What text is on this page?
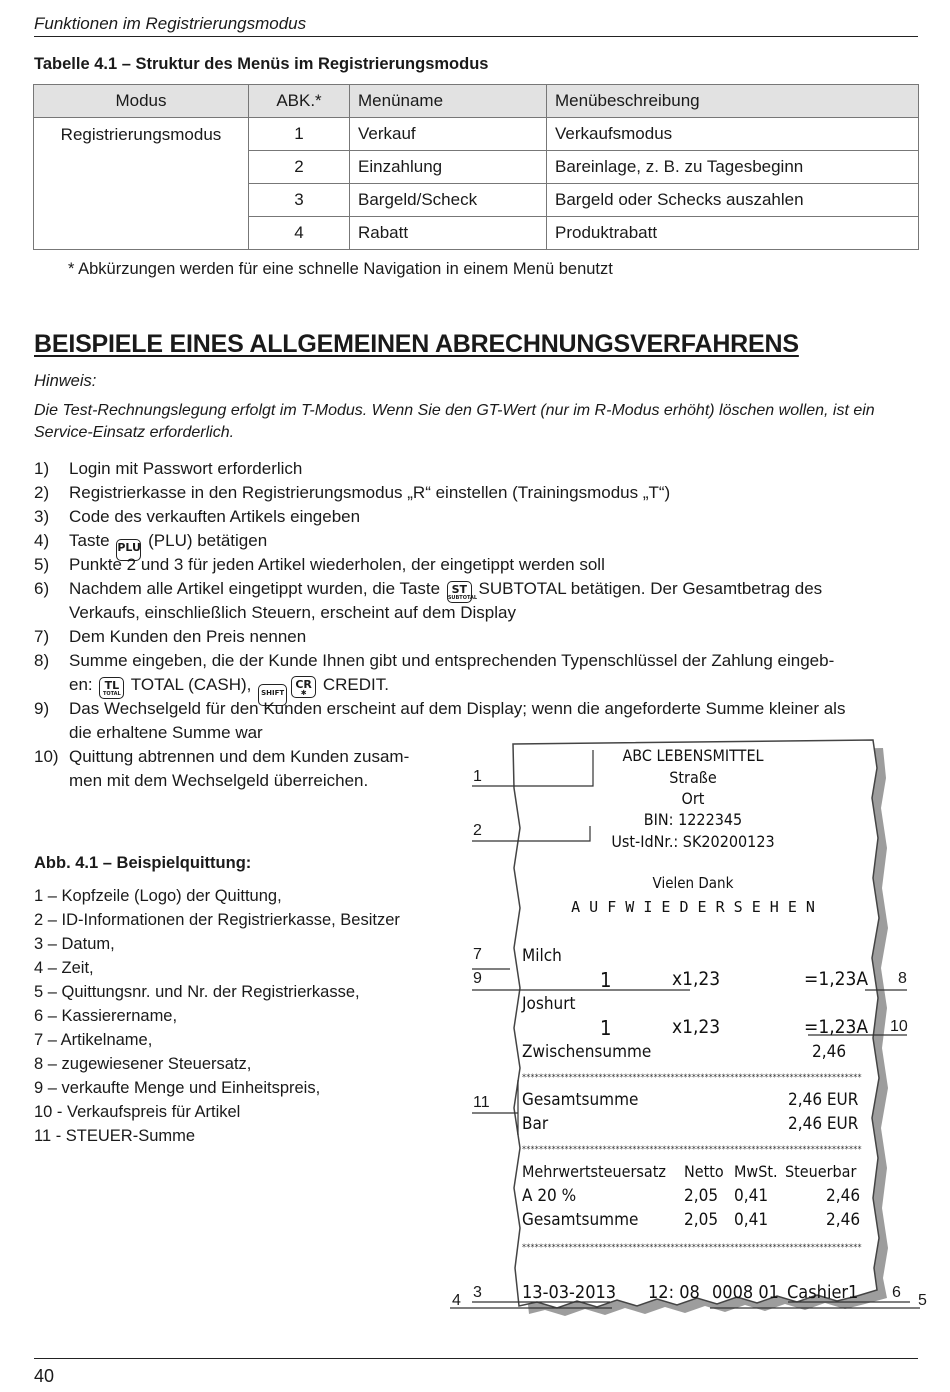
Funktionen im Registrierungsmodus
Tabelle 4.1 – Struktur des Menüs im Registrierungsmodus
Modus	ABK.*	Menüname	Menübeschreibung
Registrierungsmodus	1	Verkauf	Verkaufsmodus
	2	Einzahlung	Bareinlage, z. B. zu Tagesbeginn
	3	Bargeld/Scheck	Bargeld oder Schecks auszahlen
	4	Rabatt	Produktrabatt
* Abkürzungen werden für eine schnelle Navigation in einem Menü benutzt
BEISPIELE EINES ALLGEMEINEN ABRECHNUNGSVERFAHRENS
Hinweis:
Die Test-Rechnungslegung erfolgt im T-Modus. Wenn Sie den GT-Wert (nur im R-Modus erhöht) löschen wollen, ist ein Service-Einsatz erforderlich.
1) Login mit Passwort erforderlich
2) Registrierkasse in den Registrierungsmodus „R“ einstellen (Trainingsmodus „T“)
3) Code des verkauften Artikels eingeben
4) Taste PLU (PLU) betätigen
5) Punkte 2 und 3 für jeden Artikel wiederholen, der eingetippt werden soll
6) Nachdem alle Artikel eingetippt wurden, die Taste	ST
SUBTOTAL SUBTOTAL betätigen. Der Gesamtbetrag des
Verkaufs, einschließlich Steuern, erscheint auf dem Display
7) Dem Kunden den Preis nennen
8) Summe eingeben, die der Kunde Ihnen gibt und entsprechenden Typenschlüssel der Zahlung eingeb-
en:	TL
TOTAL TOTAL (CASH), SHIFT
CR
✱ CREDIT.
9) Das Wechselgeld für den Kunden erscheint auf dem Display; wenn die angeforderte Summe kleiner als
die erhaltene Summe war
10) Quittung abtrennen und dem Kunden zusam-
men mit dem Wechselgeld überreichen.
Abb. 4.1 – Beispielquittung:
1 – Kopfzeile (Logo) der Quittung,
2 – ID-Informationen der Registrierkasse, Besitzer
3 – Datum,
4 – Zeit,
5 – Quittungsnr. und Nr. der Registrierkasse,
6 – Kassierername,
7 – Artikelname,
8 – zugewiesener Steuersatz,
9 – verkaufte Menge und Einheitspreis,
10 - Verkaufspreis für Artikel
11 - STEUER-Summe
ABC LEBENSMITTEL
Straße
Ort
BIN: 1222345
Ust-IdNr.: SK20200123
Vielen Dank
A U F W I E D E R S E H E N
Milch
1	x1,23	=1,23A
Joshurt
1	x1,23	=1,23A
Zwischensumme	2,46
********************************************************************************
Gesamtsumme	2,46 EUR
Bar	2,46 EUR
********************************************************************************
Mehrwertsteuersatz Netto MwSt. Steuerbar
A 20 %	2,05 0,41	2,46
Gesamtsumme	2,05 0,41	2,46
********************************************************************************
13-03-2013 12: 08 0008 01 Cashier1
1
2
3
4	5
6
7
8
9
10
11
40
